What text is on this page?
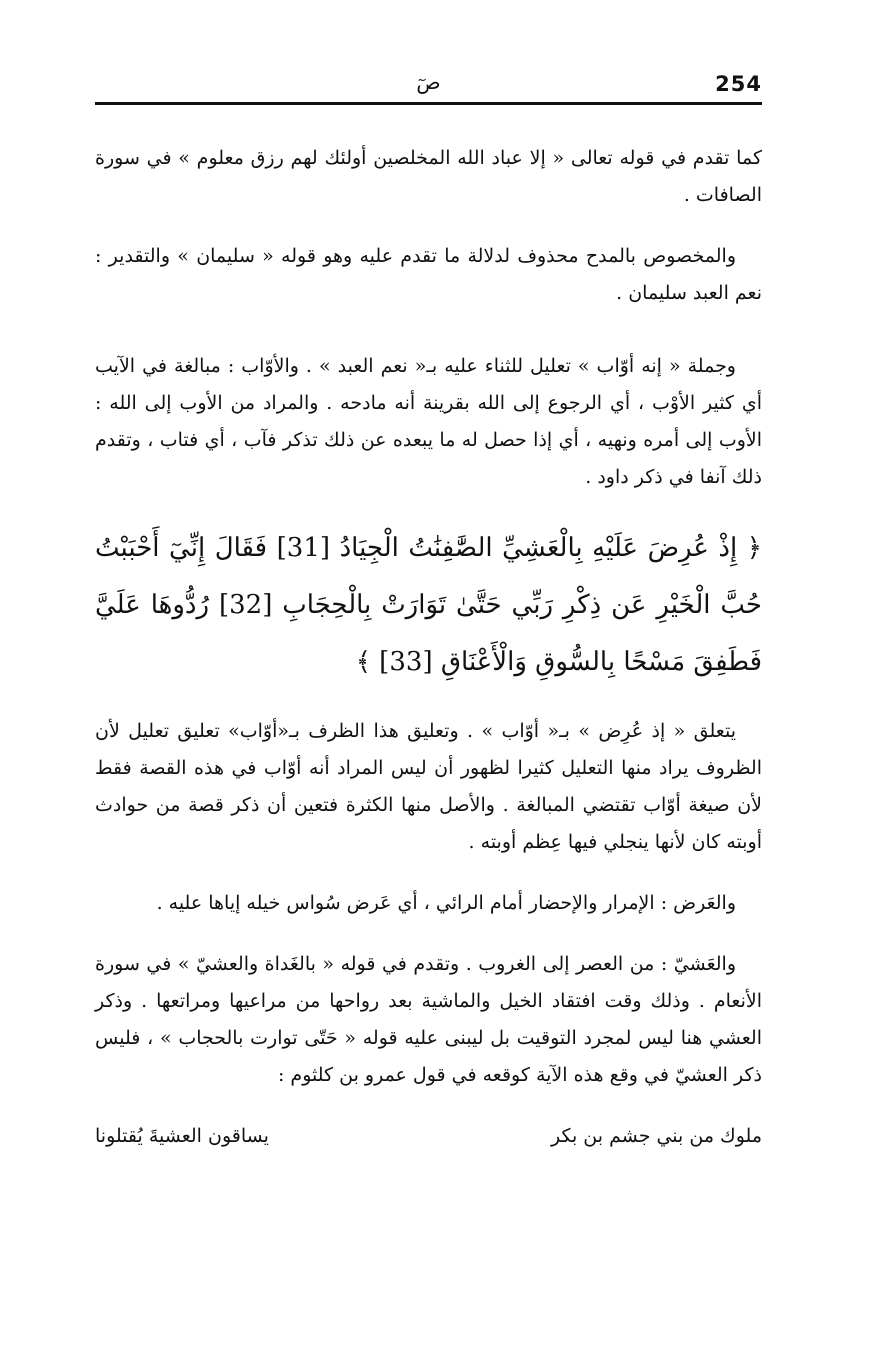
صٓ	254

كما تقدم في قوله تعالى « إلا عباد الله المخلصين أولئك لهم رزق معلوم » في سورة الصافات .

والمخصوص بالمدح محذوف لدلالة ما تقدم عليه وهو قوله « سليمان » والتقدير : نعم العبد سليمان .

وجملة « إنه أوّاب » تعليل للثناء عليه بـ« نعم العبد » . والأوّاب : مبالغة في الآيب أي كثير الأوْب ، أي الرجوع إلى الله بقرينة أنه مادحه . والمراد من الأوب إلى الله : الأوب إلى أمره ونهيه ، أي إذا حصل له ما يبعده عن ذلك تذكر فآب ، أي فتاب ، وتقدم ذلك آنفا في ذكر داود .

﴿ إِذْ عُرِضَ عَلَيْهِ بِالْعَشِيِّ الصَّٰفِنَٰتُ الْجِيَادُ [31] فَقَالَ إِنِّيٓ أَحْبَبْتُ حُبَّ الْخَيْرِ عَن ذِكْرِ رَبِّي حَتَّىٰ تَوَارَتْ بِالْحِجَابِ [32] رُدُّوهَا عَلَيَّ فَطَفِقَ مَسْحًا بِالسُّوقِ وَالْأَعْنَاقِ [33] ﴾

يتعلق « إذ عُرِض » بـ« أوّاب » . وتعليق هذا الظرف بـ«أوّاب» تعليق تعليل لأن الظروف يراد منها التعليل كثيرا لظهور أن ليس المراد أنه أوّاب في هذه القصة فقط لأن صيغة أوّاب تقتضي المبالغة . والأصل منها الكثرة فتعين أن ذكر قصة من حوادث أوبته كان لأنها ينجلي فيها عِظم أوبته .

والعَرض : الإمرار والإحضار أمام الرائي ، أي عَرض سُواس خيله إياها عليه .

والعَشيّ : من العصر إلى الغروب . وتقدم في قوله « بالغَداة والعشيّ » في سورة الأنعام . وذلك وقت افتقاد الخيل والماشية بعد رواحها من مراعيها ومراتعها . وذكر العشي هنا ليس لمجرد التوقيت بل ليبنى عليه قوله « حَتّى توارت بالحجاب » ، فليس ذكر العشيّ في وقع هذه الآية كوقعه في قول عمرو بن كلثوم :

ملوك من بني جشم بن بكر
يساقون العشيةَ يُقتلونا
